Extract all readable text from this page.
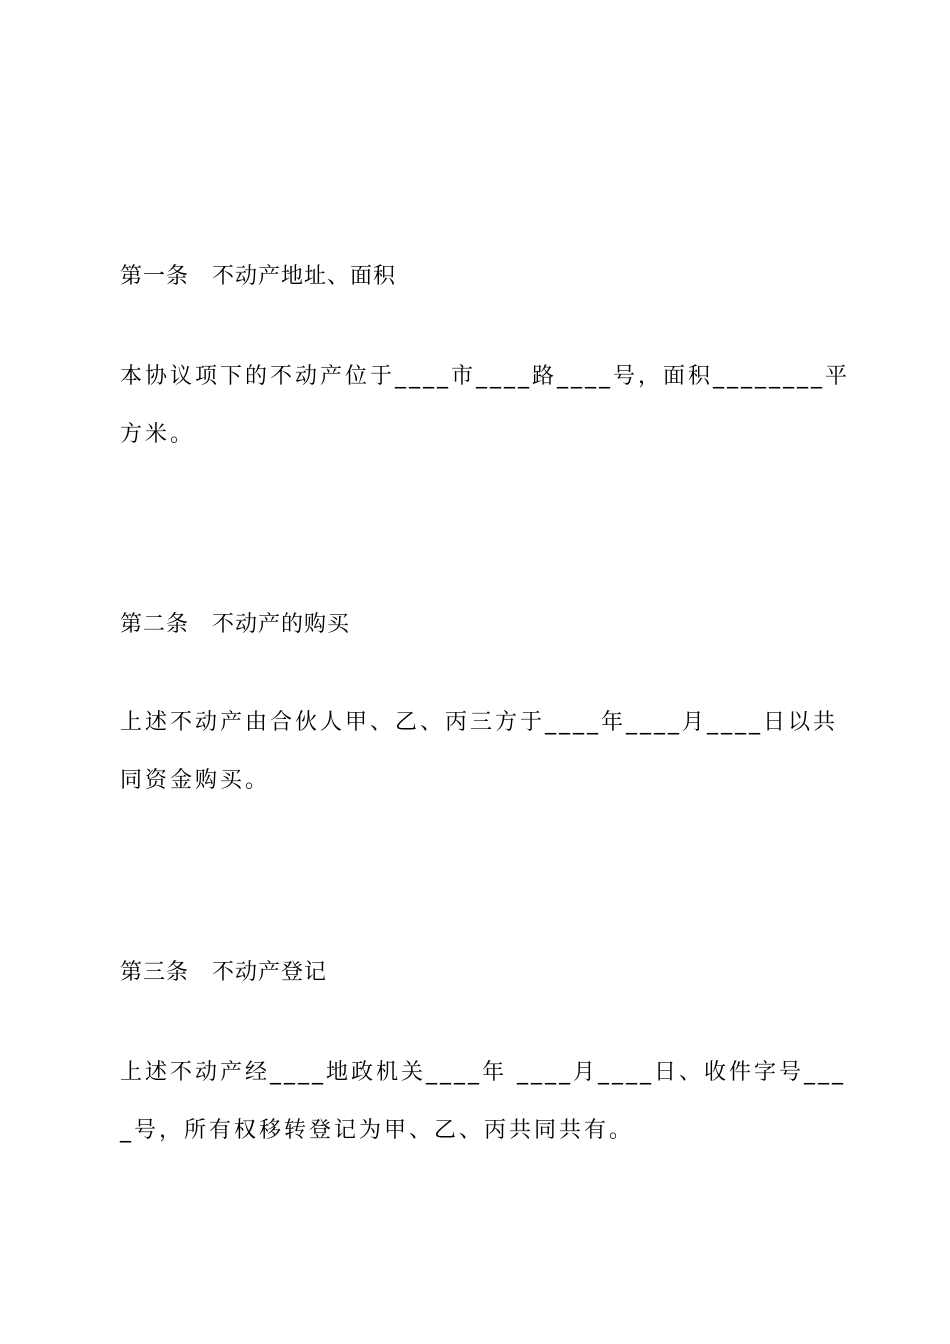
第一条　不动产地址、面积
本协议项下的不动产位于____市____路____号，面积________平方米。
第二条　不动产的购买
上述不动产由合伙人甲、乙、丙三方于____年____月____日以共同资金购买。
第三条　不动产登记
上述不动产经____地政机关____年 ____月____日、收件字号____号，所有权移转登记为甲、乙、丙共同共有。
